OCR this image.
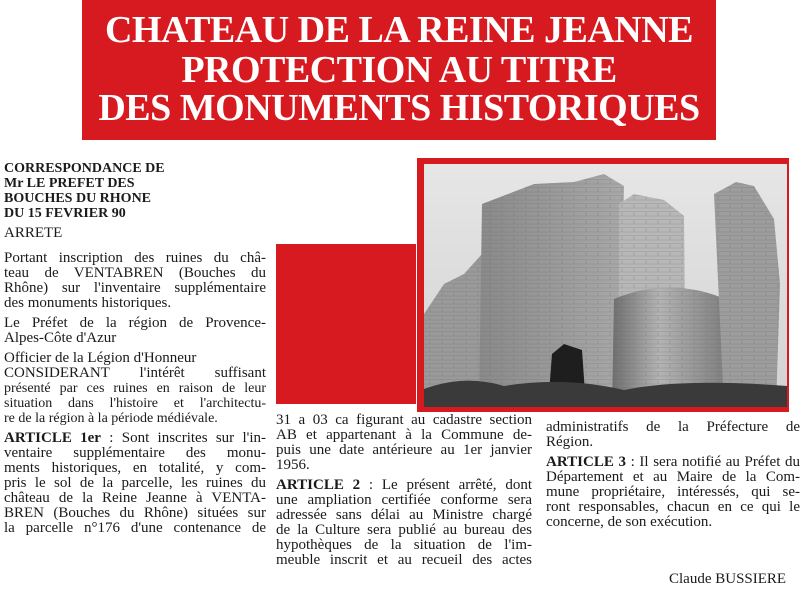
CHATEAU DE LA REINE JEANNE
PROTECTION AU TITRE
DES MONUMENTS HISTORIQUES

CORRESPONDANCE DE

Mr LE PREFET DES

BOUCHES DU RHONE

DU 15 FEVRIER 90

ARRETE

Portant inscription des ruines du châ-

teau de VENTABREN (Bouches du

Rhône) sur l'inventaire supplémentaire

des monuments historiques.

Le Préfet de la région de Provence-

Alpes-Côte d'Azur

Officier de la Légion d'Honneur

CONSIDERANT l'intérêt suffisant

présenté par ces ruines en raison de leur

situation dans l'histoire et l'architectu-

re de la région à la période médiévale.

ARTICLE 1er : Sont inscrites sur l'in-

ventaire supplémentaire des monu-

ments historiques, en totalité, y com-

pris le sol de la parcelle, les ruines du

château de la Reine Jeanne à VENTA-

BREN (Bouches du Rhône) situées sur

la parcelle n°176 d'une contenance de

31 a 03 ca figurant au cadastre section

AB et appartenant à la Commune de-

puis une date antérieure au 1er janvier

1956.

ARTICLE 2 : Le présent arrêté, dont

une ampliation certifiée conforme sera

adressée sans délai au Ministre chargé

de la Culture sera publié au bureau des

hypothèques de la situation de l'im-

meuble inscrit et au recueil des actes

administratifs de la Préfecture de

Région.

ARTICLE 3 : Il sera notifié au Préfet du

Département et au Maire de la Com-

mune propriétaire, intéressés, qui se-

ront responsables, chacun en ce qui le

concerne, de son exécution.

Claude BUSSIERE
